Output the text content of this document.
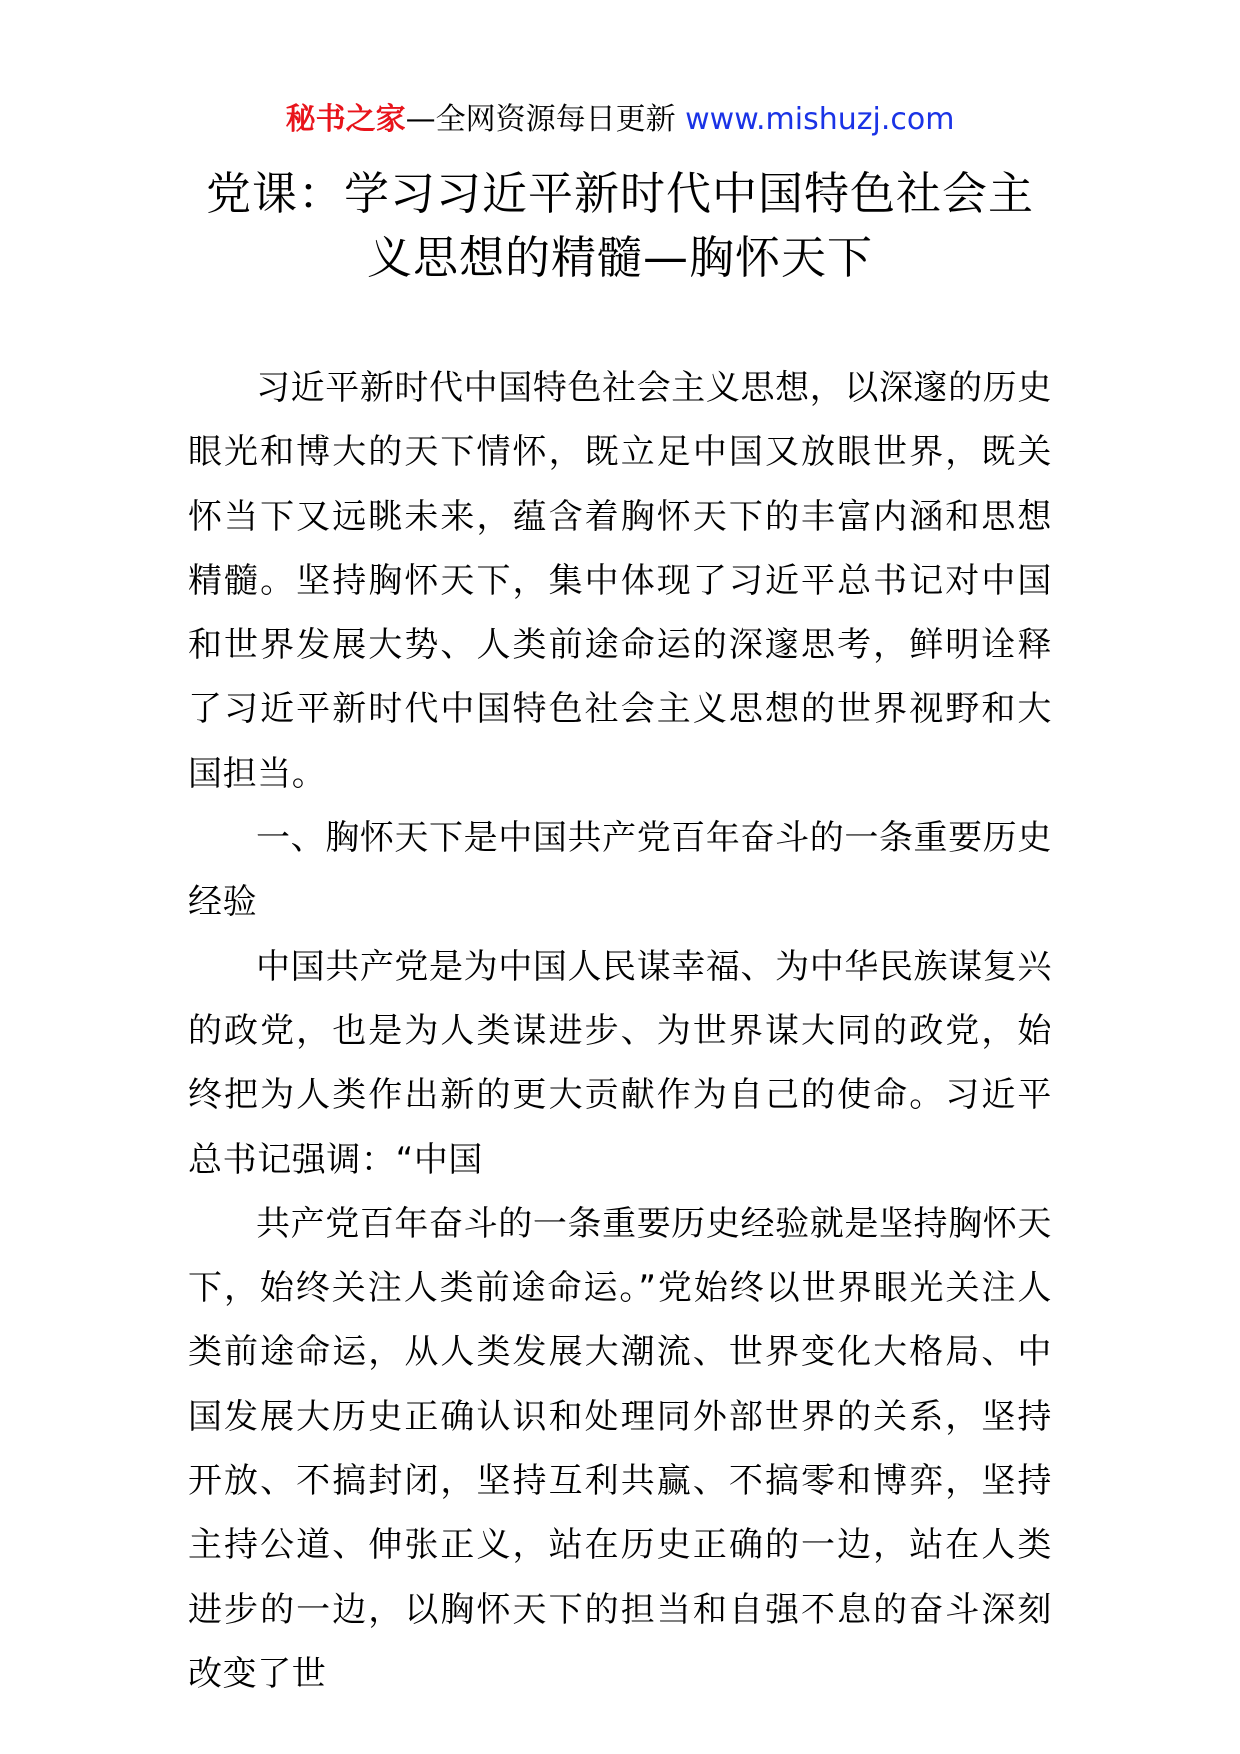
秘书之家—全网资源每日更新 www.mishuzj.com
党课：学习习近平新时代中国特色社会主
义思想的精髓—胸怀天下

习近平新时代中国特色社会主义思想，以深邃的历史眼光和博大的天下情怀，既立足中国又放眼世界，既关怀当下又远眺未来，蕴含着胸怀天下的丰富内涵和思想精髓。坚持胸怀天下，集中体现了习近平总书记对中国和世界发展大势、人类前途命运的深邃思考，鲜明诠释了习近平新时代中国特色社会主义思想的世界视野和大国担当。

一、胸怀天下是中国共产党百年奋斗的一条重要历史经验

中国共产党是为中国人民谋幸福、为中华民族谋复兴的政党，也是为人类谋进步、为世界谋大同的政党，始终把为人类作出新的更大贡献作为自己的使命。习近平总书记强调：“中国

共产党百年奋斗的一条重要历史经验就是坚持胸怀天下，始终关注人类前途命运。”党始终以世界眼光关注人类前途命运，从人类发展大潮流、世界变化大格局、中国发展大历史正确认识和处理同外部世界的关系，坚持开放、不搞封闭，坚持互利共赢、不搞零和博弈，坚持主持公道、伸张正义，站在历史正确的一边，站在人类进步的一边，以胸怀天下的担当和自强不息的奋斗深刻改变了世
